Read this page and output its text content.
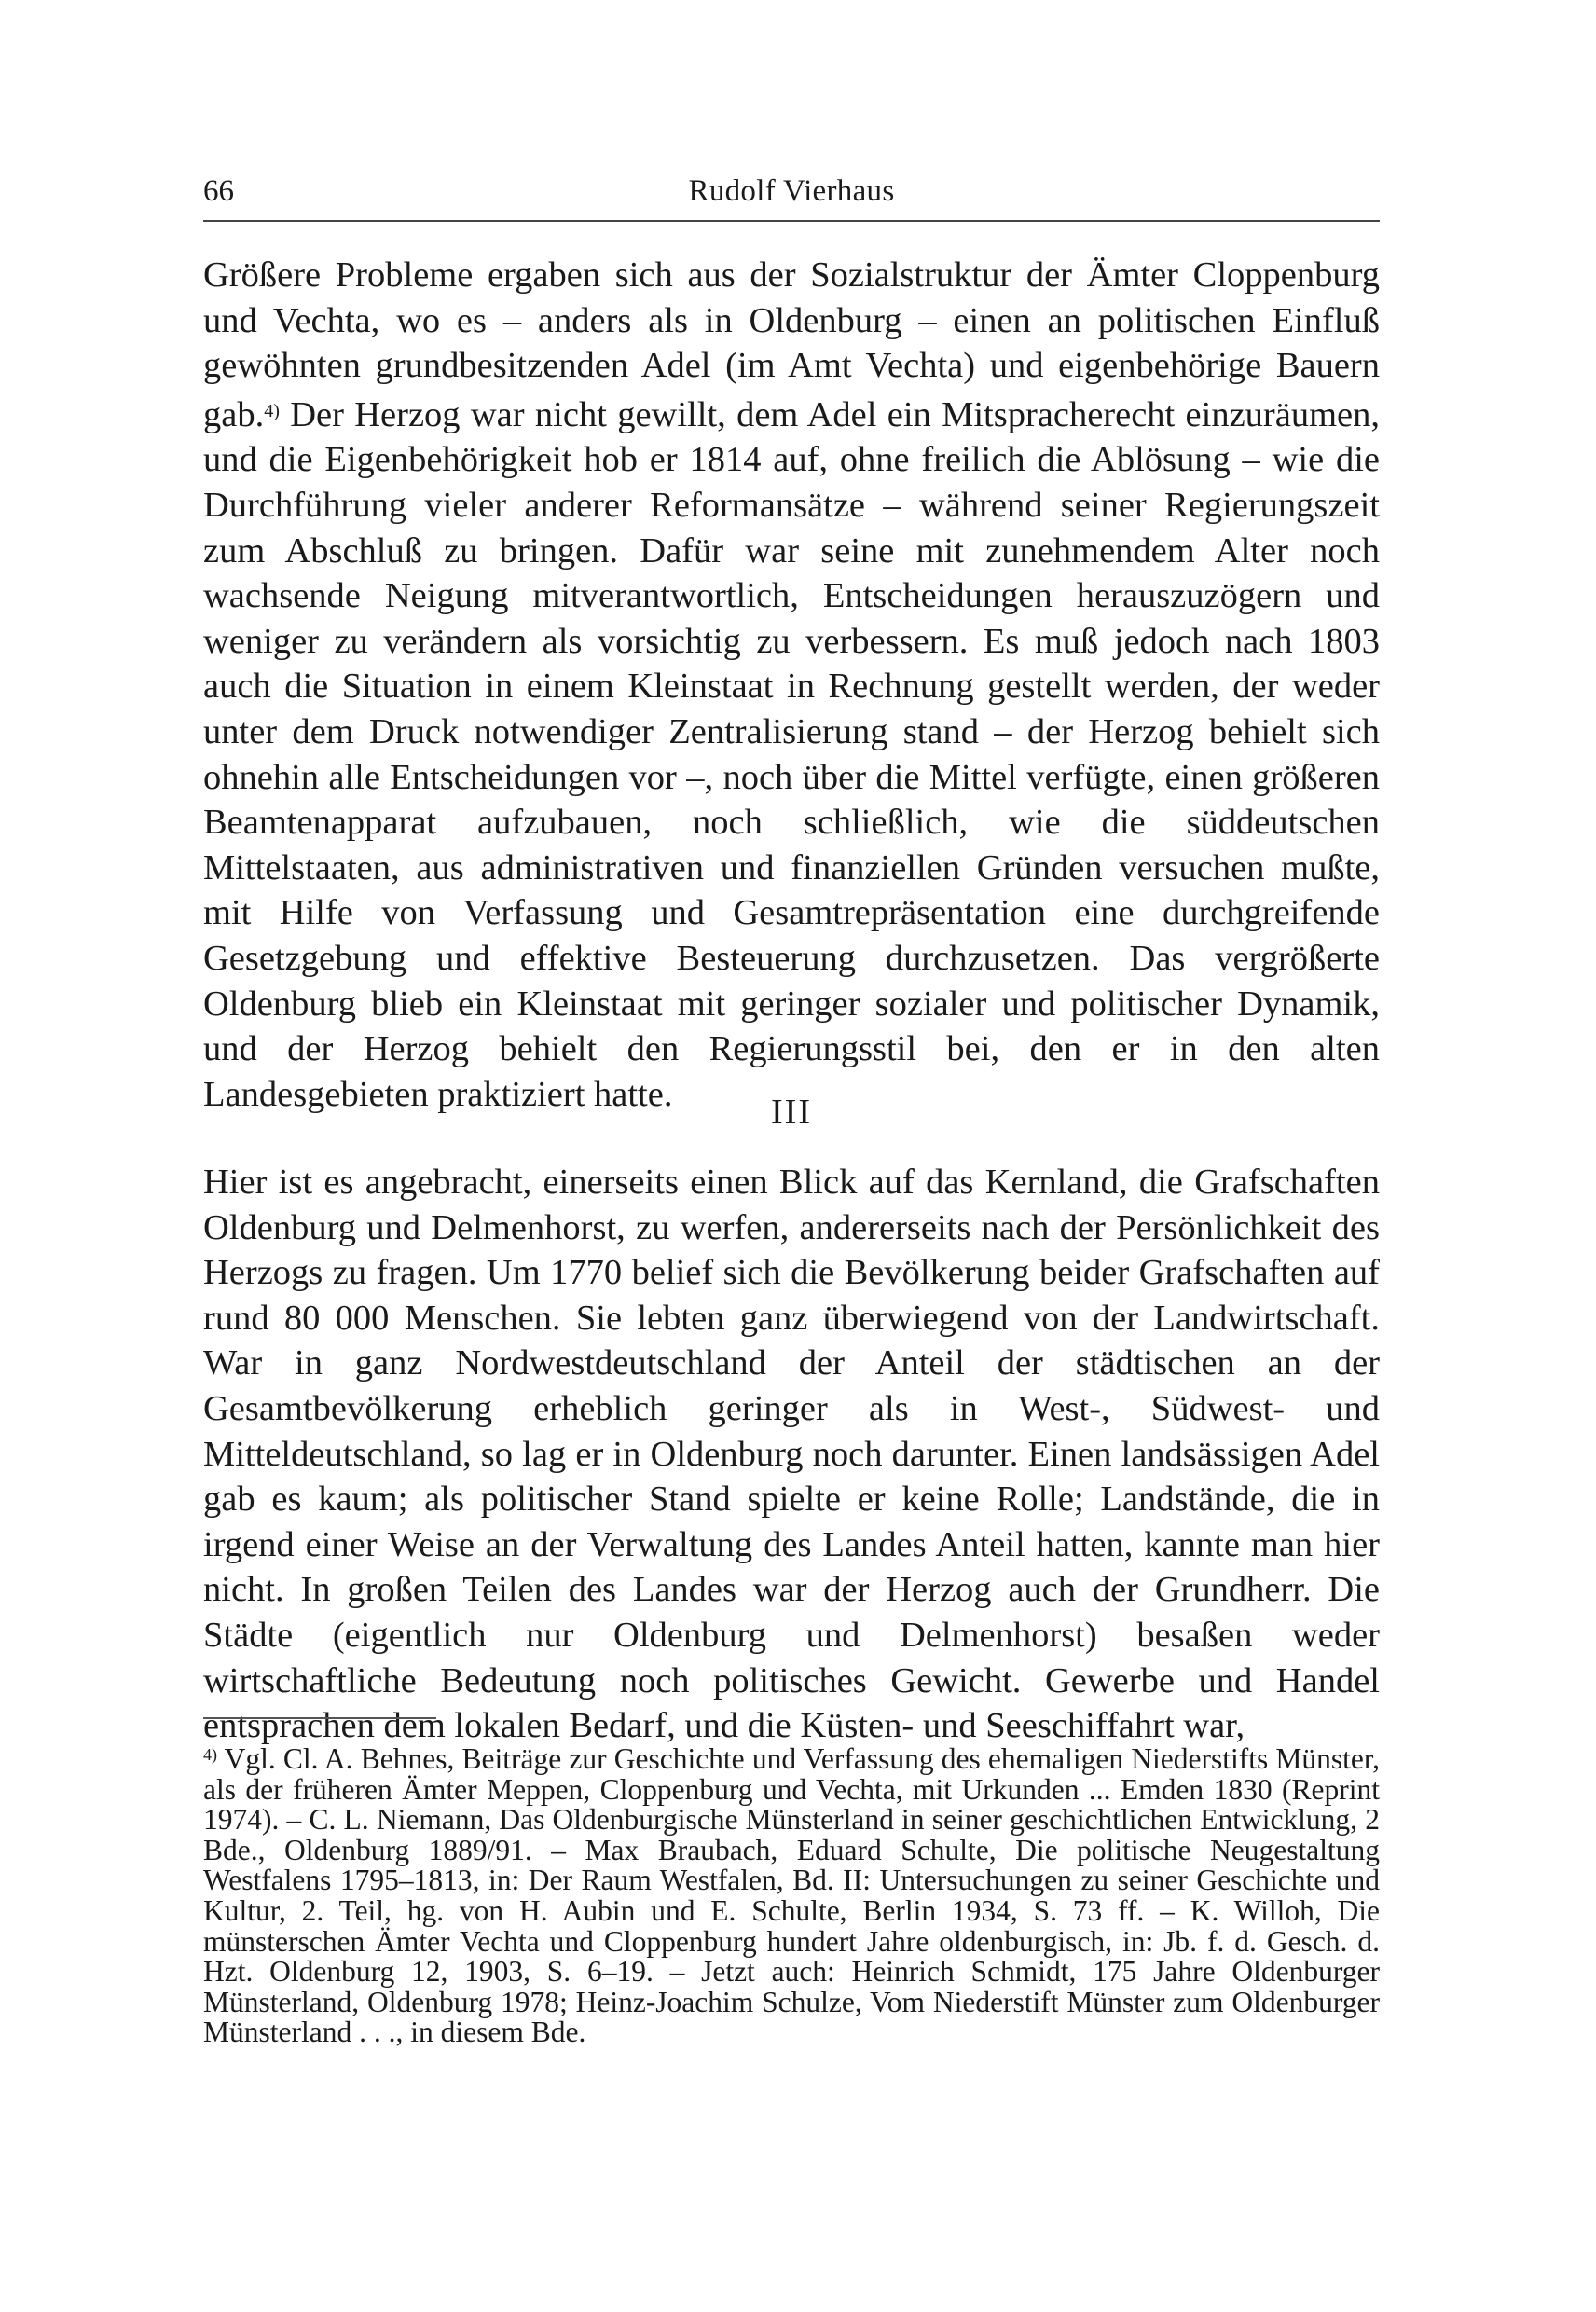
66	Rudolf Vierhaus

Größere Probleme ergaben sich aus der Sozialstruktur der Ämter Cloppenburg und Vechta, wo es – anders als in Oldenburg – einen an politischen Einfluß gewöhnten grundbesitzenden Adel (im Amt Vechta) und eigenbehörige Bauern gab.$^{4)}$ Der Herzog war nicht gewillt, dem Adel ein Mitspracherecht einzuräumen, und die Eigenbehörigkeit hob er 1814 auf, ohne freilich die Ablösung – wie die Durchführung vieler anderer Reformansätze – während seiner Regierungszeit zum Abschluß zu bringen. Dafür war seine mit zunehmendem Alter noch wachsende Neigung mitverantwortlich, Entscheidungen herauszuzögern und weniger zu verändern als vorsichtig zu verbessern. Es muß jedoch nach 1803 auch die Situation in einem Kleinstaat in Rechnung gestellt werden, der weder unter dem Druck notwendiger Zentralisierung stand – der Herzog behielt sich ohnehin alle Entscheidungen vor –, noch über die Mittel verfügte, einen größeren Beamtenapparat aufzubauen, noch schließlich, wie die süddeutschen Mittelstaaten, aus administrativen und finanziellen Gründen versuchen mußte, mit Hilfe von Verfassung und Gesamtrepräsentation eine durchgreifende Gesetzgebung und effektive Besteuerung durchzusetzen. Das vergrößerte Oldenburg blieb ein Kleinstaat mit geringer sozialer und politischer Dynamik, und der Herzog behielt den Regierungsstil bei, den er in den alten Landesgebieten praktiziert hatte.	III

Hier ist es angebracht, einerseits einen Blick auf das Kernland, die Grafschaften Oldenburg und Delmenhorst, zu werfen, andererseits nach der Persönlichkeit des Herzogs zu fragen. Um 1770 belief sich die Bevölkerung beider Grafschaften auf rund 80 000 Menschen. Sie lebten ganz überwiegend von der Landwirtschaft. War in ganz Nordwestdeutschland der Anteil der städtischen an der Gesamtbevölkerung erheblich geringer als in West-, Südwest- und Mitteldeutschland, so lag er in Oldenburg noch darunter. Einen landsässigen Adel gab es kaum; als politischer Stand spielte er keine Rolle; Landstände, die in irgend einer Weise an der Verwaltung des Landes Anteil hatten, kannte man hier nicht. In großen Teilen des Landes war der Herzog auch der Grundherr. Die Städte (eigentlich nur Oldenburg und Delmenhorst) besaßen weder wirtschaftliche Bedeutung noch politisches Gewicht. Gewerbe und Handel entsprachen dem lokalen Bedarf, und die Küsten- und Seeschiffahrt war,

$^{4)}$ Vgl. Cl. A. Behnes, Beiträge zur Geschichte und Verfassung des ehemaligen Niederstifts Münster, als der früheren Ämter Meppen, Cloppenburg und Vechta, mit Urkunden ... Emden 1830 (Reprint 1974). – C. L. Niemann, Das Oldenburgische Münsterland in seiner geschichtlichen Entwicklung, 2 Bde., Oldenburg 1889/91. – Max Braubach, Eduard Schulte, Die politische Neugestaltung Westfalens 1795–1813, in: Der Raum Westfalen, Bd. II: Untersuchungen zu seiner Geschichte und Kultur, 2. Teil, hg. von H. Aubin und E. Schulte, Berlin 1934, S. 73 ff. – K. Willoh, Die münsterschen Ämter Vechta und Cloppenburg hundert Jahre oldenburgisch, in: Jb. f. d. Gesch. d. Hzt. Oldenburg 12, 1903, S. 6–19. – Jetzt auch: Heinrich Schmidt, 175 Jahre Oldenburger Münsterland, Oldenburg 1978; Heinz-Joachim Schulze, Vom Niederstift Münster zum Oldenburger Münsterland . . ., in diesem Bde.
